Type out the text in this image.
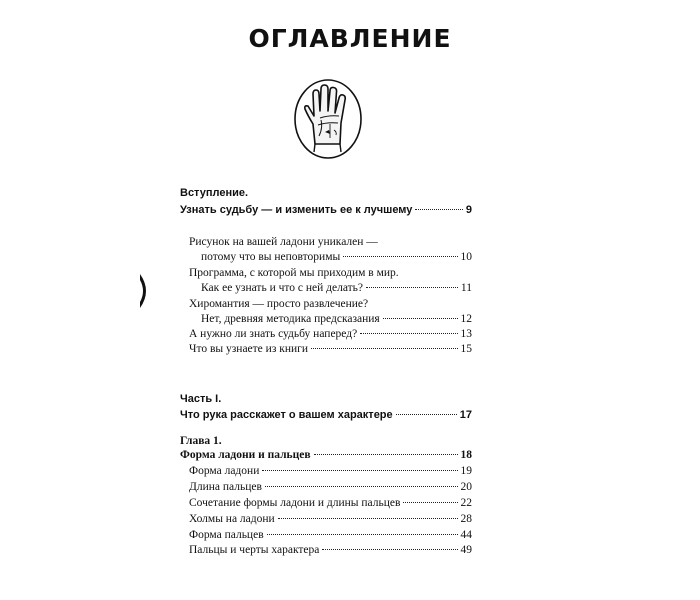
ОГЛАВЛЕНИЕ
Вступление.
Узнать судьбу — и изменить ее к лучшему	9
Рисунок на вашей ладони уникален —
потому что вы неповторимы	10
Программа, с которой мы приходим в мир.
Как ее узнать и что с ней делать?	11
Хиромантия — просто развлечение?
Нет, древняя методика предсказания	12
А нужно ли знать судьбу наперед?	13
Что вы узнаете из книги	15
Часть I.
Что рука расскажет о вашем характере	17
Глава 1.
Форма ладони и пальцев	18
Форма ладони	19
Длина пальцев	20
Сочетание формы ладони и длины пальцев	22
Холмы на ладони	28
Форма пальцев	44
Пальцы и черты характера	49
